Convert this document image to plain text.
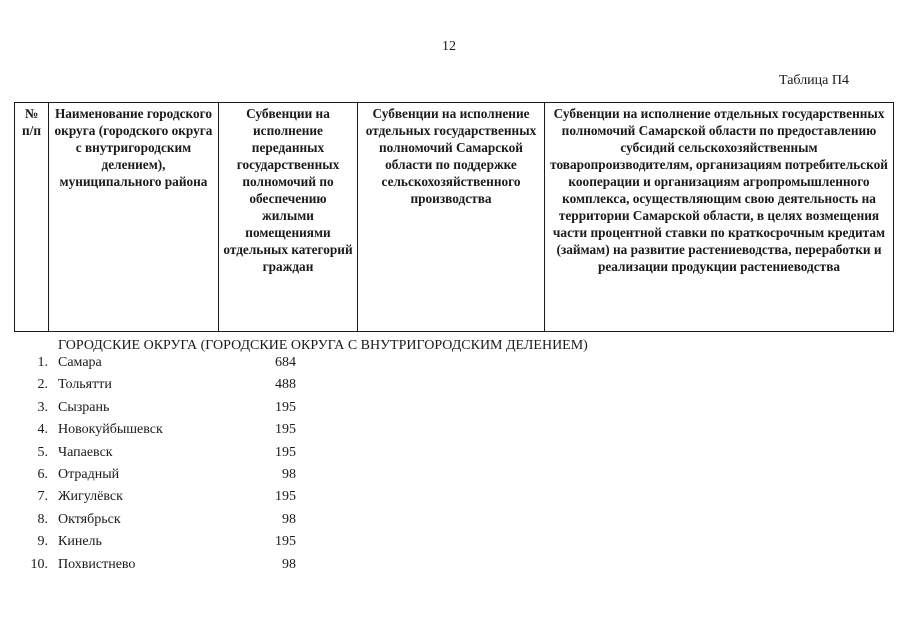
12
Таблица П4
№ п/п	Наименование городского округа (городского округа с внутригородским делением), муниципального района	Субвенции на исполнение переданных государственных полномочий по обеспечению жилыми помещениями отдельных категорий граждан	Субвенции на исполнение отдельных государственных полномочий Самарской области по поддержке сельскохозяйственного производства	Субвенции на исполнение отдельных государственных полномочий Самарской области по предоставлению субсидий сельскохозяйственным товаропроизводителям, организациям потребительской кооперации и организациям агропромышленного комплекса, осуществляющим свою деятельность на территории Самарской области, в целях возмещения части процентной ставки по краткосрочным кредитам (займам) на развитие растениеводства, переработки и реализации продукции растениеводства
ГОРОДСКИЕ ОКРУГА (ГОРОДСКИЕ ОКРУГА С ВНУТРИГОРОДСКИМ ДЕЛЕНИЕМ)
1. Самара	684
2. Тольятти	488
3. Сызрань	195
4. Новокуйбышевск	195
5. Чапаевск	195
6. Отрадный	98
7. Жигулёвск	195
8. Октябрьск	98
9. Кинель	195
10. Похвистнево	98
